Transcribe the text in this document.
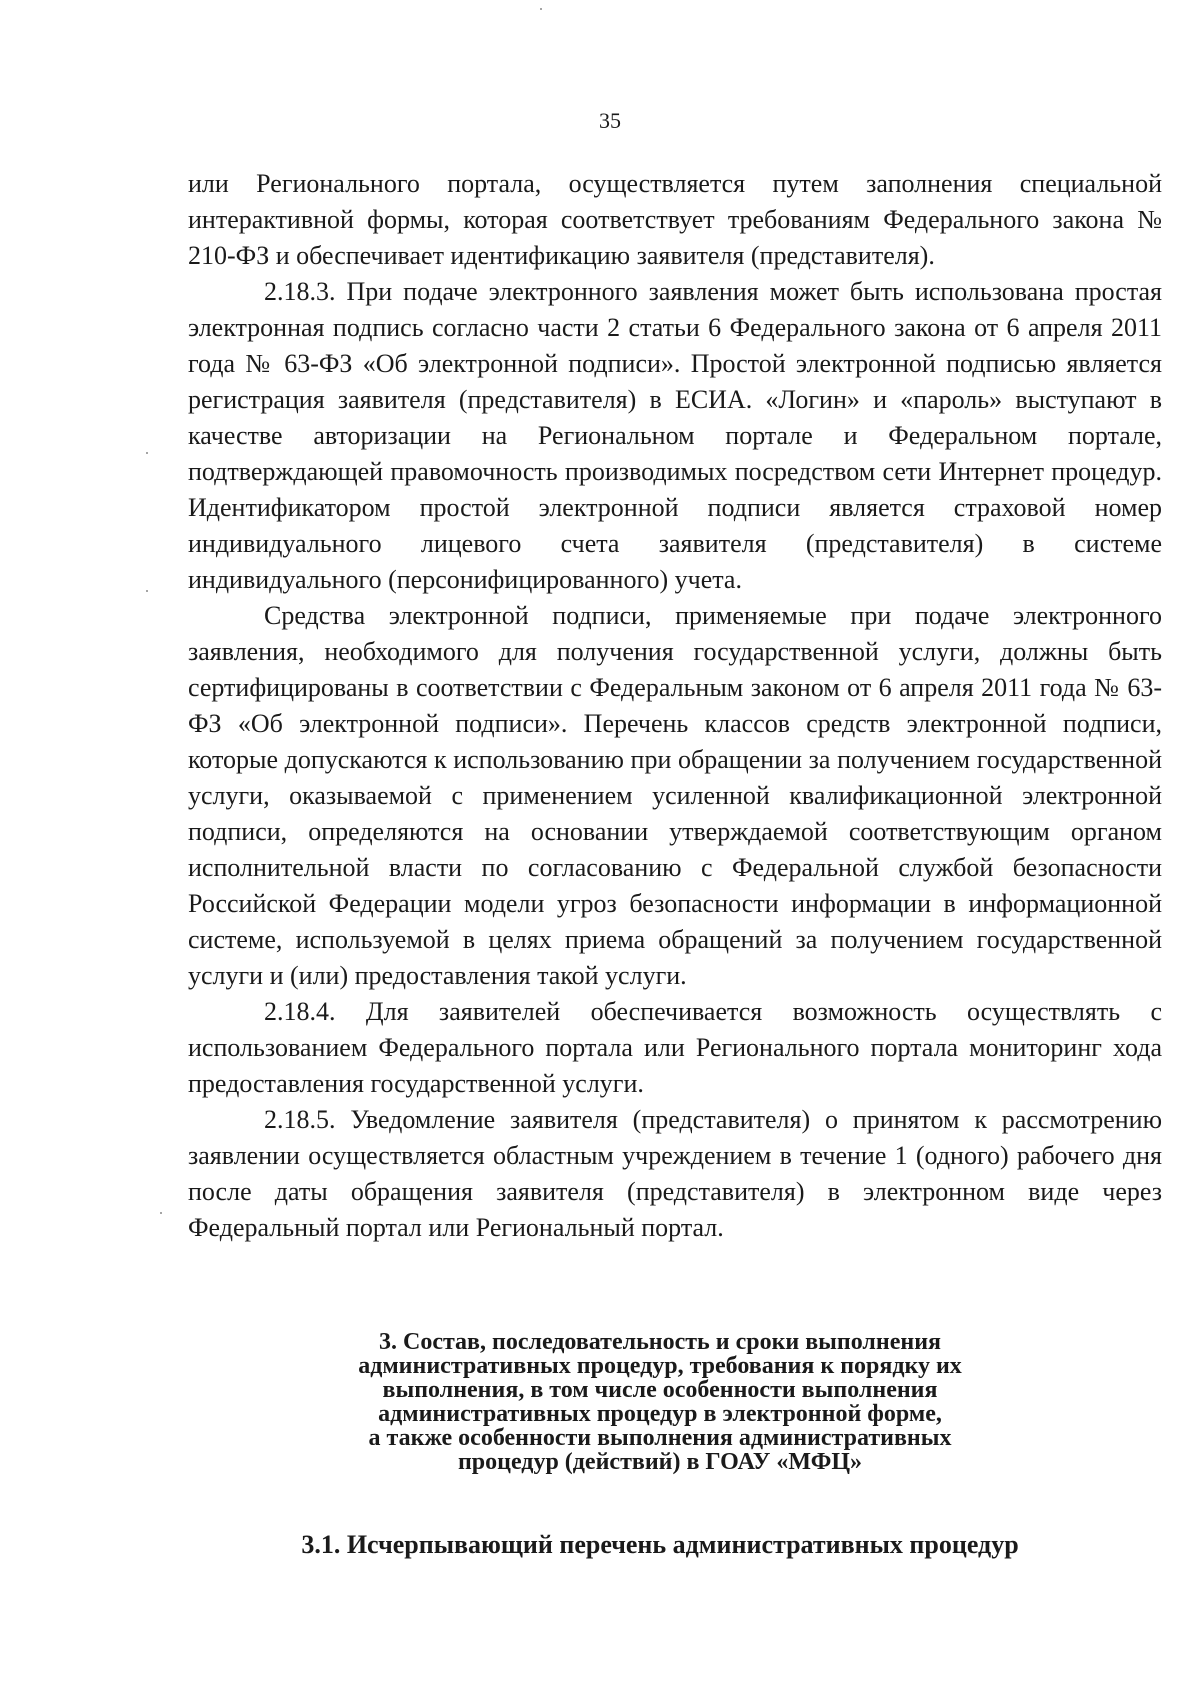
35

или Регионального портала, осуществляется путем заполнения специальной интерактивной формы, которая соответствует требованиям Федерального закона № 210-ФЗ и обеспечивает идентификацию заявителя (представителя).

2.18.3. При подаче электронного заявления может быть использована простая электронная подпись согласно части 2 статьи 6 Федерального закона от 6 апреля 2011 года № 63-ФЗ «Об электронной подписи». Простой электронной подписью является регистрация заявителя (представителя) в ЕСИА. «Логин» и «пароль» выступают в качестве авторизации на Региональном портале и Федеральном портале, подтверждающей правомочность производимых посредством сети Интернет процедур. Идентификатором простой электронной подписи является страховой номер индивидуального лицевого счета заявителя (представителя) в системе индивидуального (персонифицированного) учета.

Средства электронной подписи, применяемые при подаче электронного заявления, необходимого для получения государственной услуги, должны быть сертифицированы в соответствии с Федеральным законом от 6 апреля 2011 года № 63-ФЗ «Об электронной подписи». Перечень классов средств электронной подписи, которые допускаются к использованию при обращении за получением государственной услуги, оказываемой с применением усиленной квалификационной электронной подписи, определяются на основании утверждаемой соответствующим органом исполнительной власти по согласованию с Федеральной службой безопасности Российской Федерации модели угроз безопасности информации в информационной системе, используемой в целях приема обращений за получением государственной услуги и (или) предоставления такой услуги.

2.18.4. Для заявителей обеспечивается возможность осуществлять с использованием Федерального портала или Регионального портала мониторинг хода предоставления государственной услуги.

2.18.5. Уведомление заявителя (представителя) о принятом к рассмотрению заявлении осуществляется областным учреждением в течение 1 (одного) рабочего дня после даты обращения заявителя (представителя) в электронном виде через Федеральный портал или Региональный портал.

3. Состав, последовательность и сроки выполнения
административных процедур, требования к порядку их
выполнения, в том числе особенности выполнения
административных процедур в электронной форме,
а также особенности выполнения административных
процедур (действий) в ГОАУ «МФЦ»
3.1. Исчерпывающий перечень административных процедур
